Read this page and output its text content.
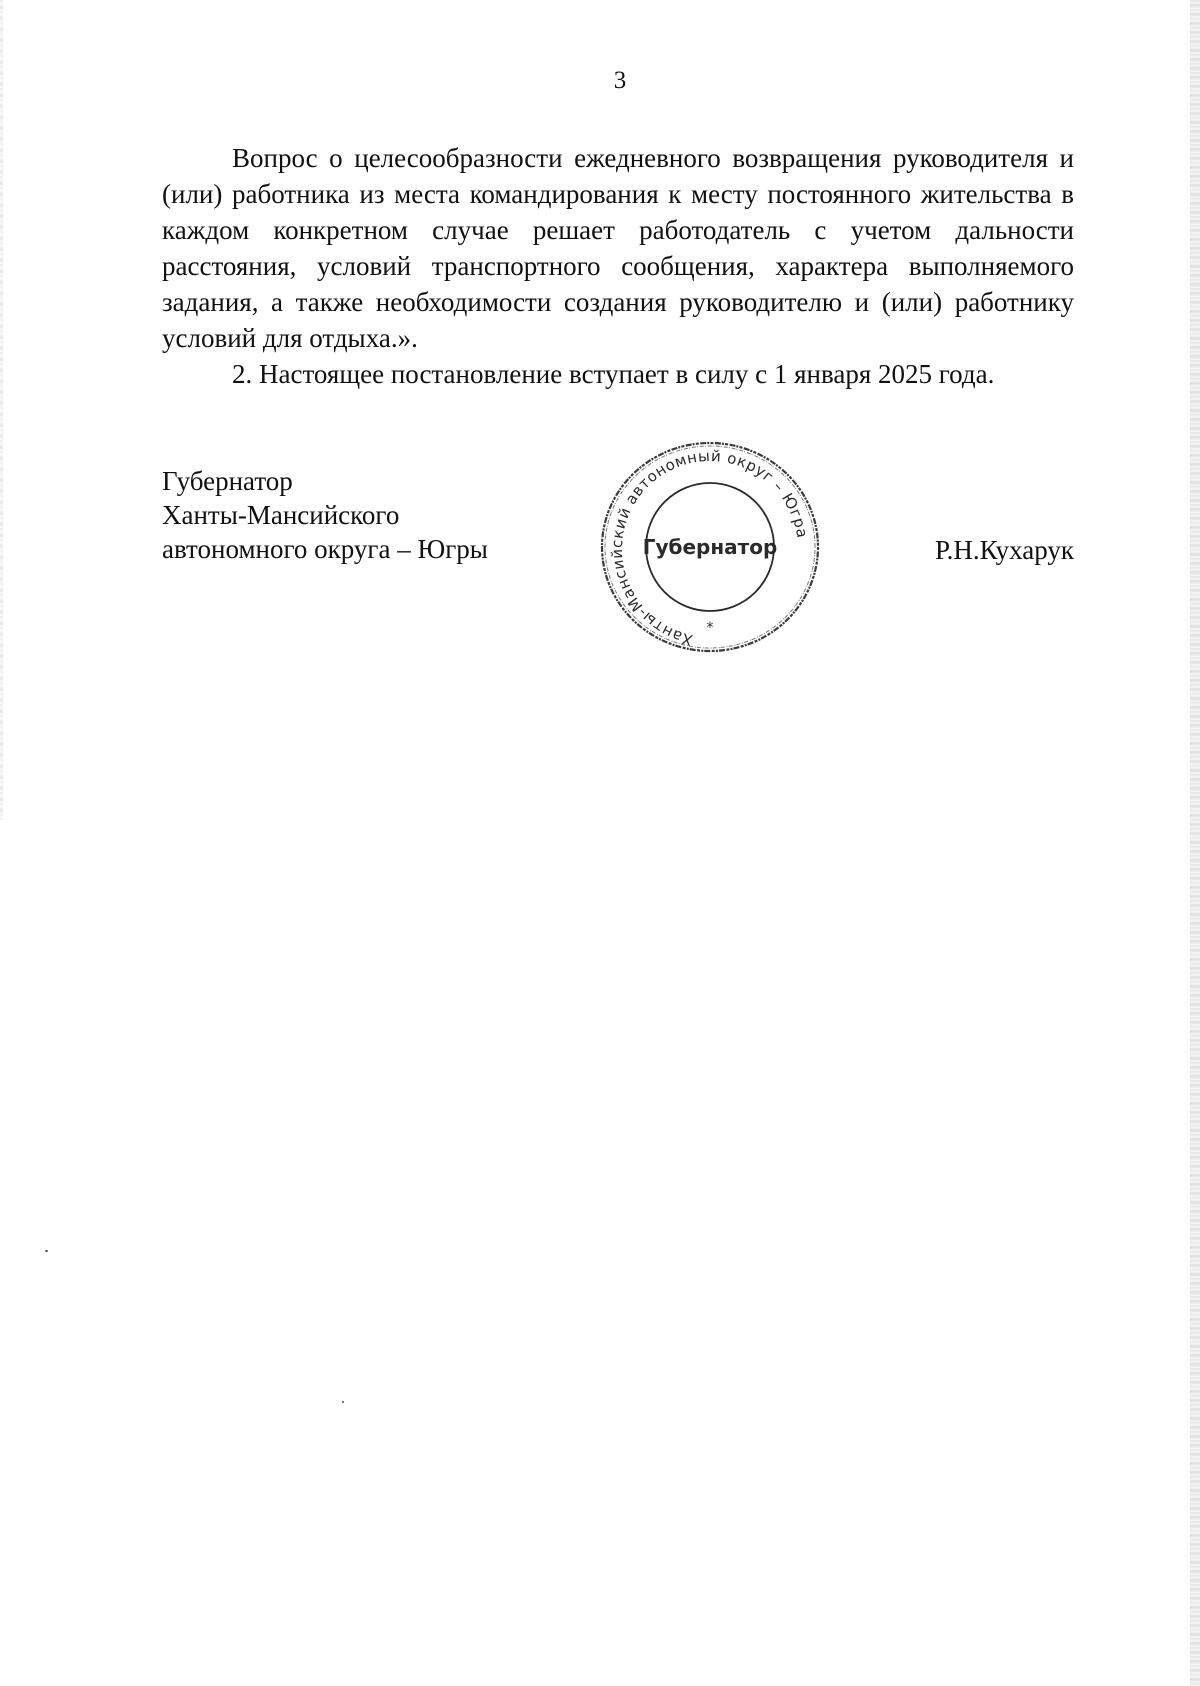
3

Вопрос о целесообразности ежедневного возвращения руководителя и (или) работника из места командирования к месту постоянного жительства в каждом конкретном случае решает работодатель с учетом дальности расстояния, условий транспортного сообщения, характера выполняемого задания, а также необходимости создания руководителю и (или) работнику условий для отдыха.».

2. Настоящее постановление вступает в силу с 1 января 2025 года.

Губернатор
Ханты-Мансийского
автономного округа – Югры	Р.Н.Кухарук
Ханты-Мансийский автономный округ – Югра
Губернатор
*
